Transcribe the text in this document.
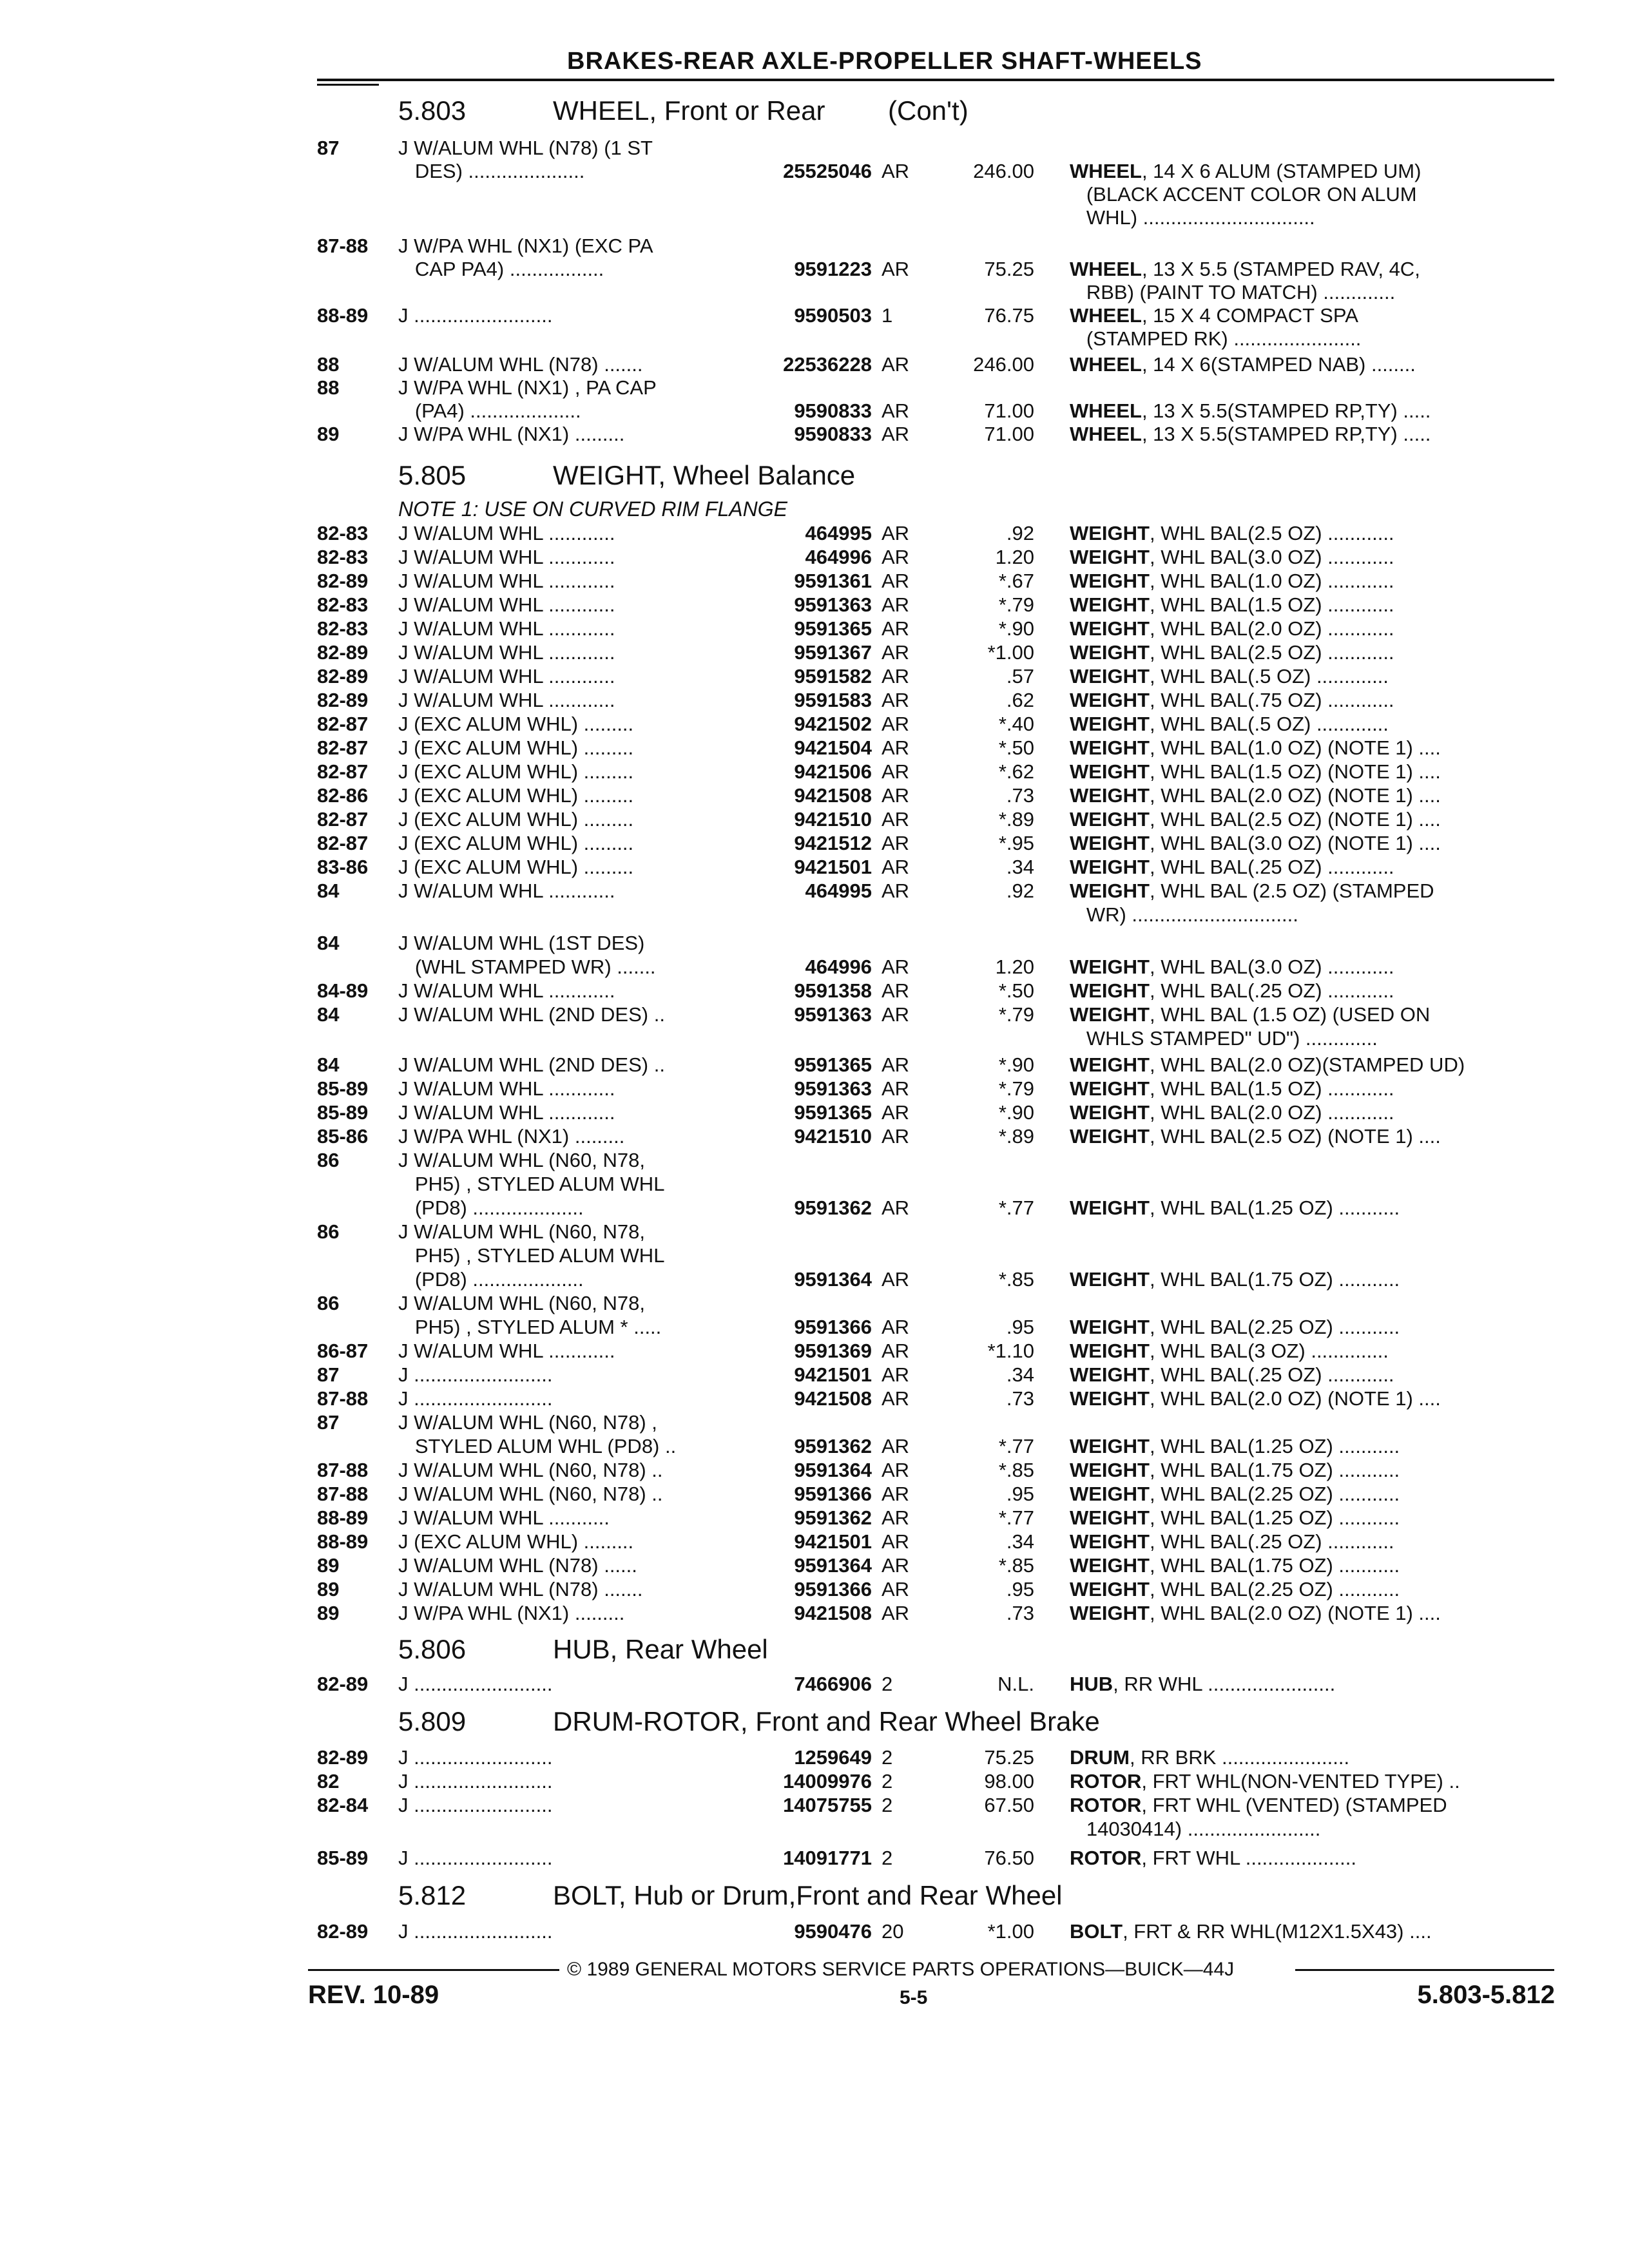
BRAKES-REAR AXLE-PROPELLER SHAFT-WHEELS
5.803	WHEEL, Front or Rear (Con't)
87	J W/ALUM WHL (N78) (1 ST
DES) .....................	25525046 AR	246.00 WHEEL, 14 X 6 ALUM (STAMPED UM)
(BLACK ACCENT COLOR ON ALUM
WHL) ...............................
87-88 J W/PA WHL (NX1) (EXC PA
CAP PA4) .................	9591223 AR	75.25 WHEEL, 13 X 5.5 (STAMPED RAV, 4C,
RBB) (PAINT TO MATCH) .............
88-89 J .........................	9590503 1	76.75 WHEEL, 15 X 4 COMPACT SPA
(STAMPED RK) .......................
88	J W/ALUM WHL (N78) .......	22536228 AR	246.00 WHEEL, 14 X 6(STAMPED NAB) ........
88	J W/PA WHL (NX1) , PA CAP
(PA4) ....................	9590833 AR	71.00 WHEEL, 13 X 5.5(STAMPED RP,TY) .....
89	J W/PA WHL (NX1) .........	9590833 AR	71.00 WHEEL, 13 X 5.5(STAMPED RP,TY) .....
5.805	WEIGHT, Wheel Balance
NOTE 1: USE ON CURVED RIM FLANGE
82-83 J W/ALUM WHL ............	464995 AR	.92 WEIGHT, WHL BAL(2.5 OZ) ............
82-83 J W/ALUM WHL ............	464996 AR	1.20 WEIGHT, WHL BAL(3.0 OZ) ............
82-89 J W/ALUM WHL ............	9591361 AR	*.67 WEIGHT, WHL BAL(1.0 OZ) ............
82-83 J W/ALUM WHL ............	9591363 AR	*.79 WEIGHT, WHL BAL(1.5 OZ) ............
82-83 J W/ALUM WHL ............	9591365 AR	*.90 WEIGHT, WHL BAL(2.0 OZ) ............
82-89 J W/ALUM WHL ............	9591367 AR	*1.00 WEIGHT, WHL BAL(2.5 OZ) ............
82-89 J W/ALUM WHL ............	9591582 AR	.57 WEIGHT, WHL BAL(.5 OZ) .............
82-89 J W/ALUM WHL ............	9591583 AR	.62 WEIGHT, WHL BAL(.75 OZ) ............
82-87 J (EXC ALUM WHL) .........	9421502 AR	*.40 WEIGHT, WHL BAL(.5 OZ) .............
82-87 J (EXC ALUM WHL) .........	9421504 AR	*.50 WEIGHT, WHL BAL(1.0 OZ) (NOTE 1) ....
82-87 J (EXC ALUM WHL) .........	9421506 AR	*.62 WEIGHT, WHL BAL(1.5 OZ) (NOTE 1) ....
82-86 J (EXC ALUM WHL) .........	9421508 AR	.73 WEIGHT, WHL BAL(2.0 OZ) (NOTE 1) ....
82-87 J (EXC ALUM WHL) .........	9421510 AR	*.89 WEIGHT, WHL BAL(2.5 OZ) (NOTE 1) ....
82-87 J (EXC ALUM WHL) .........	9421512 AR	*.95 WEIGHT, WHL BAL(3.0 OZ) (NOTE 1) ....
83-86 J (EXC ALUM WHL) .........	9421501 AR	.34 WEIGHT, WHL BAL(.25 OZ) ............
84	J W/ALUM WHL ............	464995 AR	.92 WEIGHT, WHL BAL (2.5 OZ) (STAMPED
WR) ..............................
84	J W/ALUM WHL (1ST DES)
(WHL STAMPED WR) .......	464996 AR	1.20 WEIGHT, WHL BAL(3.0 OZ) ............
84-89 J W/ALUM WHL ............	9591358 AR	*.50 WEIGHT, WHL BAL(.25 OZ) ............
84	J W/ALUM WHL (2ND DES) ..	9591363 AR	*.79 WEIGHT, WHL BAL (1.5 OZ) (USED ON
WHLS STAMPED" UD") .............
84	J W/ALUM WHL (2ND DES) ..	9591365 AR	*.90 WEIGHT, WHL BAL(2.0 OZ)(STAMPED UD)
85-89 J W/ALUM WHL ............	9591363 AR	*.79 WEIGHT, WHL BAL(1.5 OZ) ............
85-89 J W/ALUM WHL ............	9591365 AR	*.90 WEIGHT, WHL BAL(2.0 OZ) ............
85-86 J W/PA WHL (NX1) .........	9421510 AR	*.89 WEIGHT, WHL BAL(2.5 OZ) (NOTE 1) ....
86	J W/ALUM WHL (N60, N78,
PH5) , STYLED ALUM WHL
(PD8) ....................	9591362 AR	*.77 WEIGHT, WHL BAL(1.25 OZ) ...........
86	J W/ALUM WHL (N60, N78,
PH5) , STYLED ALUM WHL
(PD8) ....................	9591364 AR	*.85 WEIGHT, WHL BAL(1.75 OZ) ...........
86	J W/ALUM WHL (N60, N78,
PH5) , STYLED ALUM * .....	9591366 AR	.95 WEIGHT, WHL BAL(2.25 OZ) ...........
86-87 J W/ALUM WHL ............	9591369 AR	*1.10 WEIGHT, WHL BAL(3 OZ) ..............
87	J .........................	9421501 AR	.34 WEIGHT, WHL BAL(.25 OZ) ............
87-88 J .........................	9421508 AR	.73 WEIGHT, WHL BAL(2.0 OZ) (NOTE 1) ....
87	J W/ALUM WHL (N60, N78) ,
STYLED ALUM WHL (PD8) ..	9591362 AR	*.77 WEIGHT, WHL BAL(1.25 OZ) ...........
87-88 J W/ALUM WHL (N60, N78) ..	9591364 AR	*.85 WEIGHT, WHL BAL(1.75 OZ) ...........
87-88 J W/ALUM WHL (N60, N78) ..	9591366 AR	.95 WEIGHT, WHL BAL(2.25 OZ) ...........
88-89 J W/ALUM WHL ...........	9591362 AR	*.77 WEIGHT, WHL BAL(1.25 OZ) ...........
88-89 J (EXC ALUM WHL) .........	9421501 AR	.34 WEIGHT, WHL BAL(.25 OZ) ............
89	J W/ALUM WHL (N78) ......	9591364 AR	*.85 WEIGHT, WHL BAL(1.75 OZ) ...........
89	J W/ALUM WHL (N78) .......	9591366 AR	.95 WEIGHT, WHL BAL(2.25 OZ) ...........
89	J W/PA WHL (NX1) .........	9421508 AR	.73 WEIGHT, WHL BAL(2.0 OZ) (NOTE 1) ....
5.806	HUB, Rear Wheel
82-89 J .........................	7466906 2	N.L. HUB, RR WHL .......................
5.809	DRUM-ROTOR, Front and Rear Wheel Brake
82-89 J .........................	1259649 2	75.25 DRUM, RR BRK .......................
82	J .........................	14009976 2	98.00 ROTOR, FRT WHL(NON-VENTED TYPE) ..
82-84 J .........................	14075755 2	67.50 ROTOR, FRT WHL (VENTED) (STAMPED
14030414) ........................
85-89 J .........................	14091771 2	76.50 ROTOR, FRT WHL ....................
5.812	BOLT, Hub or Drum,Front and Rear Wheel
82-89 J .........................	9590476 20	*1.00 BOLT, FRT & RR WHL(M12X1.5X43) ....
© 1989 GENERAL MOTORS SERVICE PARTS OPERATIONS—BUICK—44J
REV. 10-89	5-5	5.803-5.812
